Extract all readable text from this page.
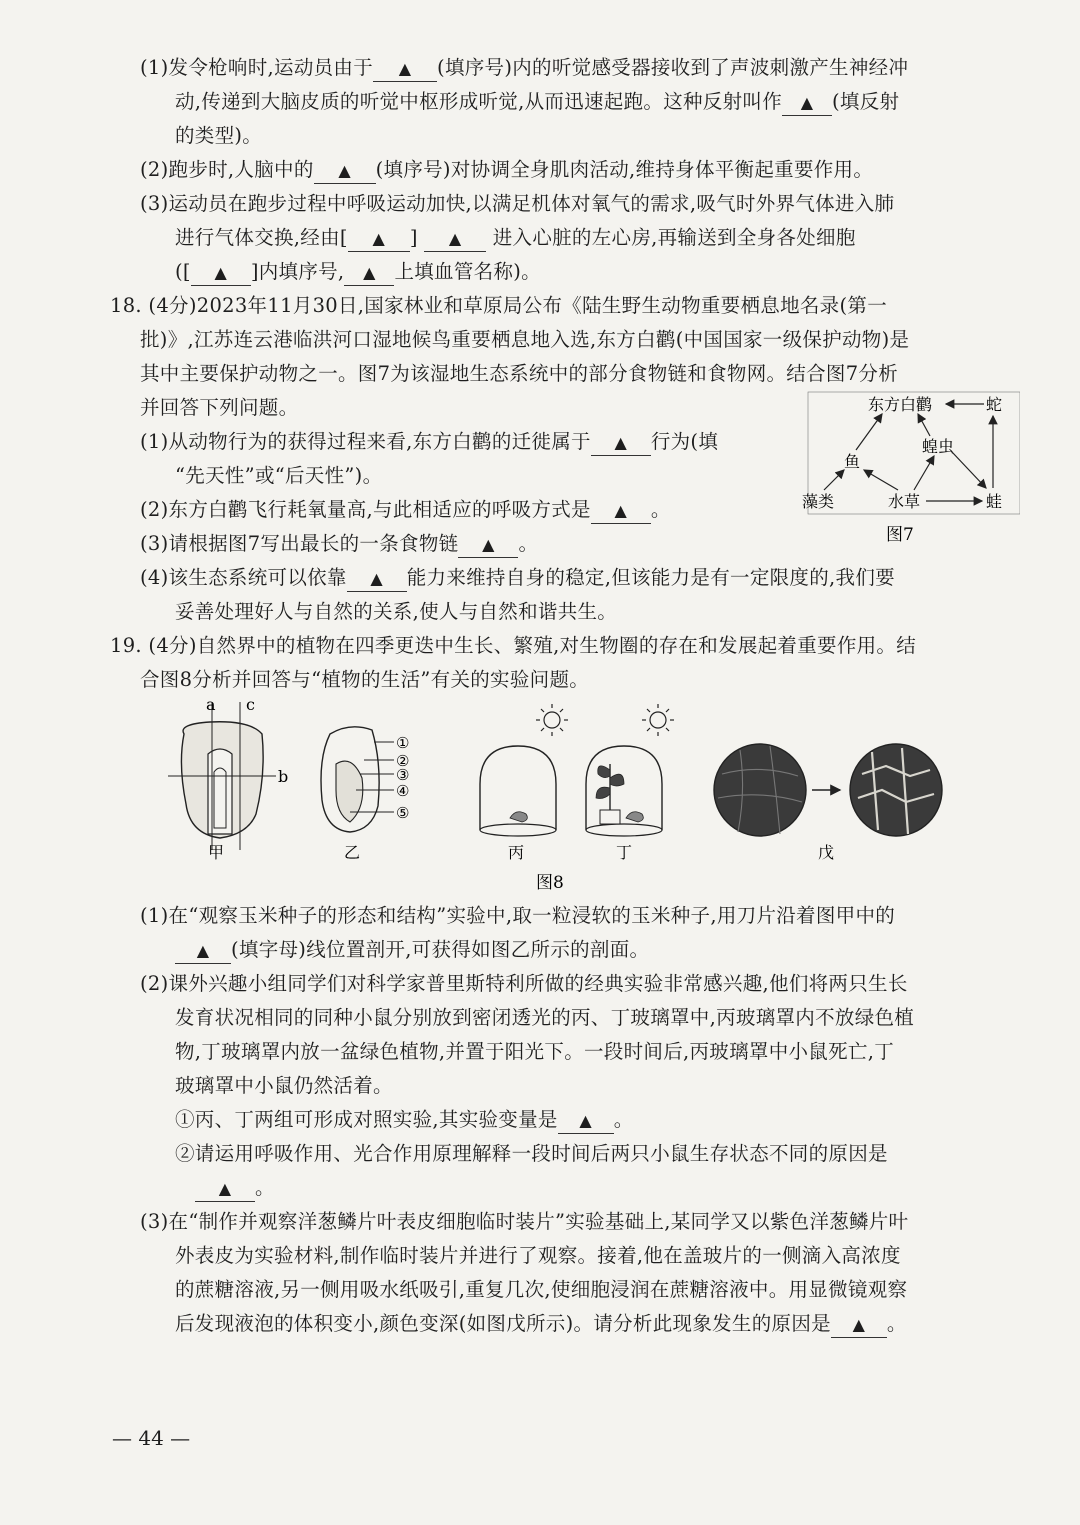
(1)发令枪响时,运动员由于 ▲ (填序号)内的听觉感受器接收到了声波刺激产生神经冲
动,传递到大脑皮质的听觉中枢形成听觉,从而迅速起跑。这种反射叫作 ▲ (填反射
的类型)。
(2)跑步时,人脑中的 ▲ (填序号)对协调全身肌肉活动,维持身体平衡起重要作用。
(3)运动员在跑步过程中呼吸运动加快,以满足机体对氧气的需求,吸气时外界气体进入肺
进行气体交换,经由[ ▲ ] ▲ 进入心脏的左心房,再输送到全身各处细胞
([ ▲ ]内填序号, ▲ 上填血管名称)。
18. (4分)2023年11月30日,国家林业和草原局公布《陆生野生动物重要栖息地名录(第一
批)》,江苏连云港临洪河口湿地候鸟重要栖息地入选,东方白鹳(中国国家一级保护动物)是
其中主要保护动物之一。图7为该湿地生态系统中的部分食物链和食物网。结合图7分析
并回答下列问题。
(1)从动物行为的获得过程来看,东方白鹳的迁徙属于 ▲ 行为(填
“先天性”或“后天性”)。
(2)东方白鹳飞行耗氧量高,与此相适应的呼吸方式是 ▲ 。
(3)请根据图7写出最长的一条食物链 ▲ 。
(4)该生态系统可以依靠 ▲ 能力来维持自身的稳定,但该能力是有一定限度的,我们要
妥善处理好人与自然的关系,使人与自然和谐共生。
东方白鹳	蛇
蝗虫
鱼
藻类	水草	蛙
图7
19. (4分)自然界中的植物在四季更迭中生长、繁殖,对生物圈的存在和发展起着重要作用。结
合图8分析并回答与“植物的生活”有关的实验问题。
a c
b
甲
①
②
③
④
⑤
乙	丙	丁	戊
图8
(1)在“观察玉米种子的形态和结构”实验中,取一粒浸软的玉米种子,用刀片沿着图甲中的
▲ (填字母)线位置剖开,可获得如图乙所示的剖面。
(2)课外兴趣小组同学们对科学家普里斯特利所做的经典实验非常感兴趣,他们将两只生长
发育状况相同的同种小鼠分别放到密闭透光的丙、丁玻璃罩中,丙玻璃罩内不放绿色植
物,丁玻璃罩内放一盆绿色植物,并置于阳光下。一段时间后,丙玻璃罩中小鼠死亡,丁
玻璃罩中小鼠仍然活着。
①丙、丁两组可形成对照实验,其实验变量是 ▲ 。
②请运用呼吸作用、光合作用原理解释一段时间后两只小鼠生存状态不同的原因是
▲ 。
(3)在“制作并观察洋葱鳞片叶表皮细胞临时装片”实验基础上,某同学又以紫色洋葱鳞片叶
外表皮为实验材料,制作临时装片并进行了观察。接着,他在盖玻片的一侧滴入高浓度
的蔗糖溶液,另一侧用吸水纸吸引,重复几次,使细胞浸润在蔗糖溶液中。用显微镜观察
后发现液泡的体积变小,颜色变深(如图戊所示)。请分析此现象发生的原因是 ▲ 。
— 44 —
